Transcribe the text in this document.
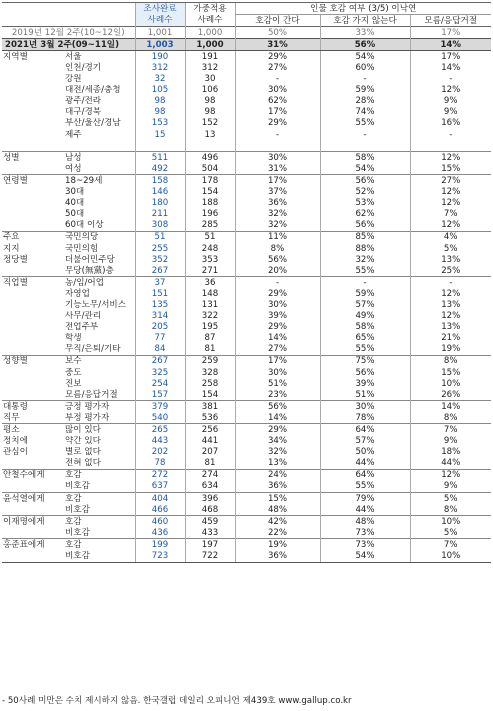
		조사완료	가중적용	인물 호감 여부 (3/5) 이낙연		
		사례수	사례수	호감이 간다	호감 가지 않는다	모름/응답거절
2019년 12월 2주(10~12일)		1,001	1,000	50%	33%	17%
2021년 3월 2주(09~11일)		1,003	1,000	31%	56%	14%
지역별	서울	190	191	29%	54%	17%
	인천/경기	312	312	27%	60%	14%
	강원	32	30	-	-	-
	대전/세종/충청	105	106	30%	59%	12%
	광주/전라	98	98	62%	28%	9%
	대구/경북	98	98	17%	74%	9%
	부산/울산/경남	153	152	29%	55%	16%
	제주	15	13	-	-	-

성별	남성	511	496	30%	58%	12%
	여성	492	504	31%	54%	15%
연령별	18~29세	158	178	17%	56%	27%
	30대	146	154	37%	52%	12%
	40대	180	188	36%	53%	12%
	50대	211	196	32%	62%	7%
	60대 이상	308	285	32%	56%	12%
주요	국민의당	51	51	11%	85%	4%
지지	국민의힘	255	248	8%	88%	5%
정당별	더불어민주당	352	353	56%	32%	13%
	무당(無黨)층	267	271	20%	55%	25%
직업별	농/임/어업	37	36	-	-	-
	자영업	151	148	29%	59%	12%
	기능노무/서비스	135	131	30%	57%	13%
	사무/관리	314	322	39%	49%	12%
	전업주부	205	195	29%	58%	13%
	학생	77	87	14%	65%	21%
	무직/은퇴/기타	84	81	27%	55%	19%
성향별	보수	267	259	17%	75%	8%
	중도	325	328	30%	56%	15%
	진보	254	258	51%	39%	10%
	모름/응답거절	157	154	23%	51%	26%
대통령	긍정 평가자	379	381	56%	30%	14%
직무	부정 평가자	540	536	14%	78%	8%
평소	많이 있다	265	256	29%	64%	7%
정치에	약간 있다	443	441	34%	57%	9%
관심이	별로 없다	202	207	32%	50%	18%
	전혀 없다	78	81	13%	44%	44%
안철수에게	호감	272	274	24%	64%	12%
	비호감	637	634	36%	55%	9%
윤석열에게	호감	404	396	15%	79%	5%
	비호감	466	468	48%	44%	8%
이재명에게	호감	460	459	42%	48%	10%
	비호감	436	433	22%	73%	5%
홍준표에게	호감	199	197	19%	73%	7%
	비호감	723	722	36%	54%	10%
- 50사례 미만은 수치 제시하지 않음. 한국갤럽 데일리 오피니언 제439호 www.gallup.co.kr
